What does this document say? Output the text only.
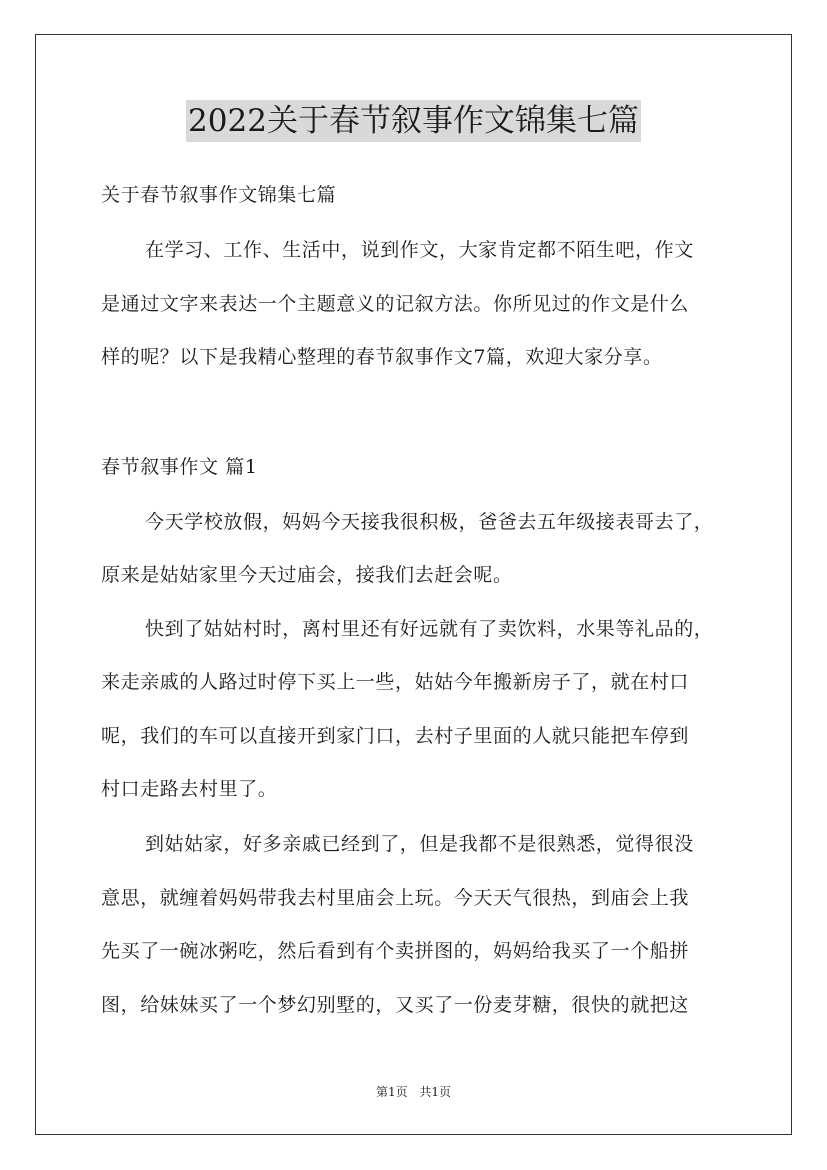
2022关于春节叙事作文锦集七篇
关于春节叙事作文锦集七篇
在学习、工作、生活中，说到作文，大家肯定都不陌生吧，作文
是通过文字来表达一个主题意义的记叙方法。你所见过的作文是什么
样的呢？以下是我精心整理的春节叙事作文7篇，欢迎大家分享。
春节叙事作文 篇1
今天学校放假，妈妈今天接我很积极，爸爸去五年级接表哥去了，
原来是姑姑家里今天过庙会，接我们去赶会呢。
快到了姑姑村时，离村里还有好远就有了卖饮料，水果等礼品的，
来走亲戚的人路过时停下买上一些，姑姑今年搬新房子了，就在村口
呢，我们的车可以直接开到家门口，去村子里面的人就只能把车停到
村口走路去村里了。
到姑姑家，好多亲戚已经到了，但是我都不是很熟悉，觉得很没
意思，就缠着妈妈带我去村里庙会上玩。今天天气很热，到庙会上我
先买了一碗冰粥吃，然后看到有个卖拼图的，妈妈给我买了一个船拼
图，给妹妹买了一个梦幻别墅的，又买了一份麦芽糖，很快的就把这
第1页 共1页
